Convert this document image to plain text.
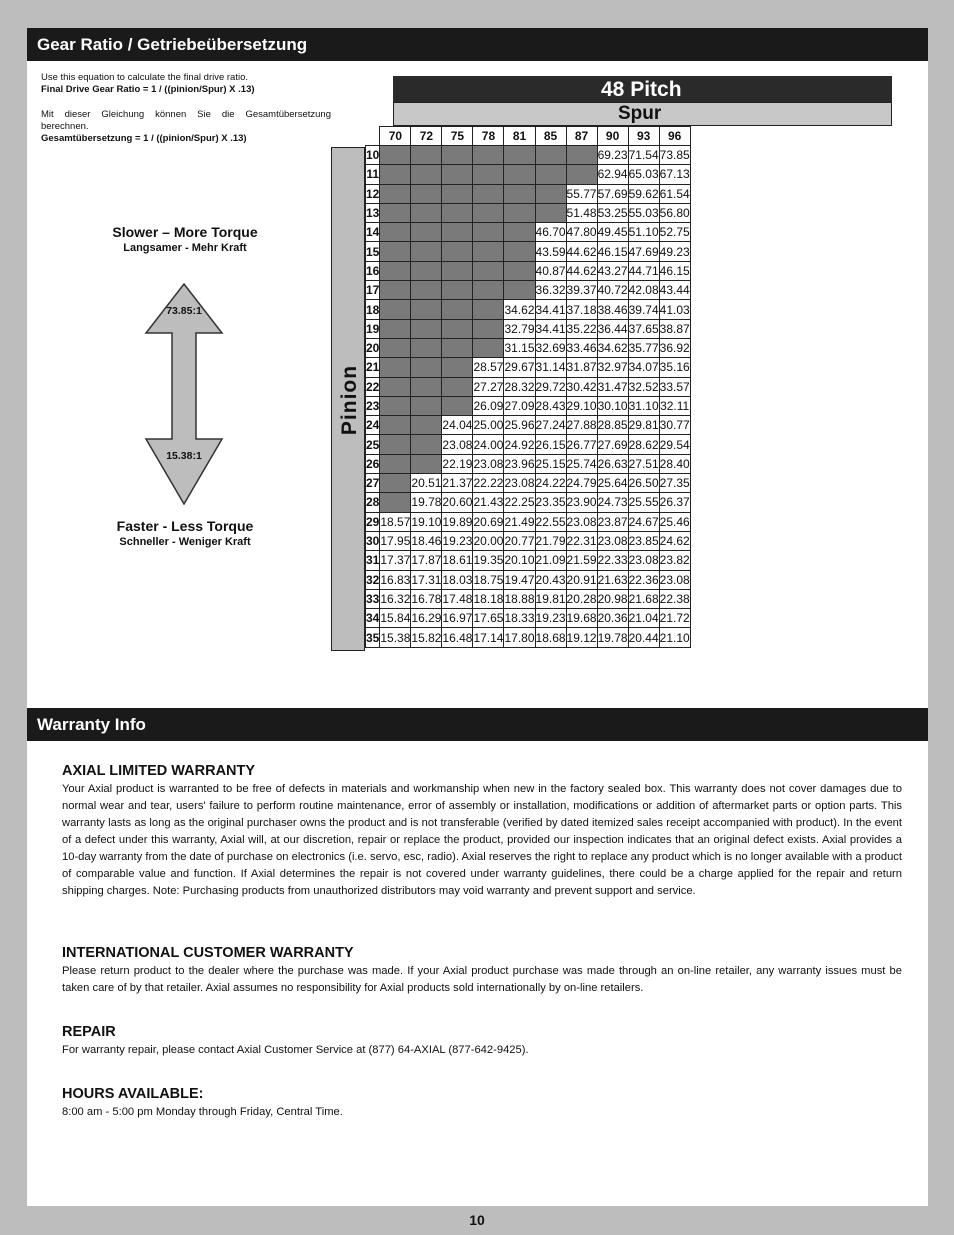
Gear Ratio / Getriebeübersetzung

Use this equation to calculate the final drive ratio.

Final Drive Gear Ratio = 1 / ((pinion/Spur) X .13)

Mit dieser Gleichung können Sie die Gesamtübersetzung berechnen.

Gesamtübersetzung = 1 / ((pinion/Spur) X .13)

Slower – More Torque
Langsamer - Mehr Kraft
73.85:1
15.38:1
Faster - Less Torque
Schneller - Weniger Kraft
48 Pitch
Spur
Pinion
	70	72	75	78	81	85	87	90	93	96
10								69.23	71.54	73.85
11								62.94	65.03	67.13
12							55.77	57.69	59.62	61.54
13							51.48	53.25	55.03	56.80
14						46.70	47.80	49.45	51.10	52.75
15						43.59	44.62	46.15	47.69	49.23
16						40.87	44.62	43.27	44.71	46.15
17						36.32	39.37	40.72	42.08	43.44
18					34.62	34.41	37.18	38.46	39.74	41.03
19					32.79	34.41	35.22	36.44	37.65	38.87
20					31.15	32.69	33.46	34.62	35.77	36.92
21				28.57	29.67	31.14	31.87	32.97	34.07	35.16
22				27.27	28.32	29.72	30.42	31.47	32.52	33.57
23				26.09	27.09	28.43	29.10	30.10	31.10	32.11
24			24.04	25.00	25.96	27.24	27.88	28.85	29.81	30.77
25			23.08	24.00	24.92	26.15	26.77	27.69	28.62	29.54
26			22.19	23.08	23.96	25.15	25.74	26.63	27.51	28.40
27		20.51	21.37	22.22	23.08	24.22	24.79	25.64	26.50	27.35
28		19.78	20.60	21.43	22.25	23.35	23.90	24.73	25.55	26.37
29	18.57	19.10	19.89	20.69	21.49	22.55	23.08	23.87	24.67	25.46
30	17.95	18.46	19.23	20.00	20.77	21.79	22.31	23.08	23.85	24.62
31	17.37	17.87	18.61	19.35	20.10	21.09	21.59	22.33	23.08	23.82
32	16.83	17.31	18.03	18.75	19.47	20.43	20.91	21.63	22.36	23.08
33	16.32	16.78	17.48	18.18	18.88	19.81	20.28	20.98	21.68	22.38
34	15.84	16.29	16.97	17.65	18.33	19.23	19.68	20.36	21.04	21.72
35	15.38	15.82	16.48	17.14	17.80	18.68	19.12	19.78	20.44	21.10
Warranty Info
AXIAL LIMITED WARRANTY

Your Axial product is warranted to be free of defects in materials and workmanship when new in the factory sealed box. This warranty does not cover damages due to normal wear and tear, users' failure to perform routine maintenance, error of assembly or installation, modifications or addition of aftermarket parts or option parts. This warranty lasts as long as the original purchaser owns the product and is not transferable (verified by dated itemized sales receipt accompanied with product). In the event of a defect under this warranty, Axial will, at our discretion, repair or replace the product, provided our inspection indicates that an original defect exists. Axial provides a 10-day warranty from the date of purchase on electronics (i.e. servo, esc, radio). Axial reserves the right to replace any product which is no longer available with a product of comparable value and function. If Axial determines the repair is not covered under warranty guidelines, there could be a charge applied for the repair and return shipping charges. Note: Purchasing products from unauthorized distributors may void warranty and prevent support and service.

INTERNATIONAL CUSTOMER WARRANTY

Please return product to the dealer where the purchase was made. If your Axial product purchase was made through an on-line retailer, any warranty issues must be taken care of by that retailer. Axial assumes no responsibility for Axial products sold internationally by on-line retailers.

REPAIR

For warranty repair, please contact Axial Customer Service at (877) 64-AXIAL (877-642-9425).

HOURS AVAILABLE:

8:00 am - 5:00 pm Monday through Friday, Central Time.

10
